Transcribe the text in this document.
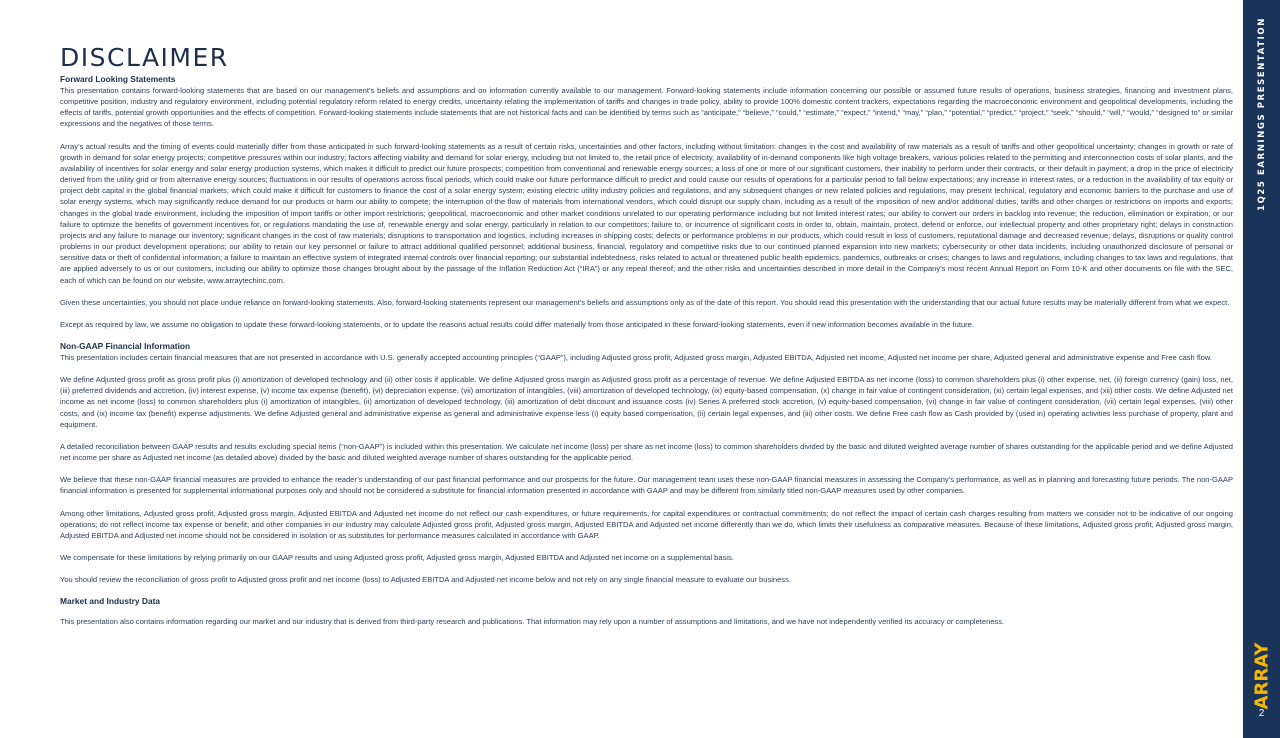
DISCLAIMER

Forward Looking Statements

This presentation contains forward-looking statements that are based on our management’s beliefs and assumptions and on information currently available to our management. Forward-looking statements include information concerning our possible or assumed future results of operations, business strategies, financing and investment plans, competitive position, industry and regulatory environment, including potential regulatory reform related to energy credits, uncertainty relating the implementation of tariffs and changes in trade policy, ability to provide 100% domestic content trackers, expectations regarding the macroeconomic environment and geopolitical developments, including the effects of tariffs, potential growth opportunities and the effects of competition. Forward-looking statements include statements that are not historical facts and can be identified by terms such as “anticipate,” “believe,” “could,” “estimate,” “expect,” “intend,” “may,” “plan,” “potential,” “predict,” “project,” “seek,” “should,” “will,” “would,” “designed to” or similar expressions and the negatives of those terms.

Array’s actual results and the timing of events could materially differ from those anticipated in such forward-looking statements as a result of certain risks, uncertainties and other factors, including without limitation: changes in the cost and availability of raw materials as a result of tariffs and other geopolitical uncertainty; changes in growth or rate of growth in demand for solar energy projects; competitive pressures within our industry; factors affecting viability and demand for solar energy, including but not limited to, the retail price of electricity, availability of in-demand components like high voltage breakers, various policies related to the permitting and interconnection costs of solar plants, and the availability of incentives for solar energy and solar energy production systems, which makes it difficult to predict our future prospects; competition from conventional and renewable energy sources; a loss of one or more of our significant customers, their inability to perform under their contracts, or their default in payment; a drop in the price of electricity derived from the utility grid or from alternative energy sources; fluctuations in our results of operations across fiscal periods, which could make our future performance difficult to predict and could cause our results of operations for a particular period to fall below expectations; any increase in interest rates, or a reduction in the availability of tax equity or project debt capital in the global financial markets, which could make it difficult for customers to finance the cost of a solar energy system; existing electric utility industry policies and regulations, and any subsequent changes or new related policies and regulations, may present technical, regulatory and economic barriers to the purchase and use of solar energy systems, which may significantly reduce demand for our products or harm our ability to compete; the interruption of the flow of materials from international vendors, which could disrupt our supply chain, including as a result of the imposition of new and/or additional duties, tariffs and other charges or restrictions on imports and exports; changes in the global trade environment, including the imposition of import tariffs or other import restrictions; geopolitical, macroeconomic and other market conditions unrelated to our operating performance including but not limited interest rates; our ability to convert our orders in backlog into revenue; the reduction, elimination or expiration, or our failure to optimize the benefits of government incentives for, or regulations mandating the use of, renewable energy and solar energy, particularly in relation to our competitors; failure to, or incurrence of significant costs in order to, obtain, maintain, protect, defend or enforce, our intellectual property and other proprietary right; delays in construction projects and any failure to manage our inventory; significant changes in the cost of raw materials; disruptions to transportation and logistics, including increases in shipping costs; defects or performance problems in our products, which could result in loss of customers, reputational damage and decreased revenue; delays, disruptions or quality control problems in our product development operations; our ability to retain our key personnel or failure to attract additional qualified personnel; additional business, financial, regulatory and competitive risks due to our continued planned expansion into new markets; cybersecurity or other data incidents, including unauthorized disclosure of personal or sensitive data or theft of confidential information; a failure to maintain an effective system of integrated internal controls over financial reporting; our substantial indebtedness, risks related to actual or threatened public health epidemics, pandemics, outbreaks or crises; changes to laws and regulations, including changes to tax laws and regulations, that are applied adversely to us or our customers, including our ability to optimize those changes brought about by the passage of the Inflation Reduction Act (“IRA”) or any repeal thereof; and the other risks and uncertainties described in more detail in the Company’s most recent Annual Report on Form 10-K and other documents on file with the SEC, each of which can be found on our website, www.arraytechinc.com.

Given these uncertainties, you should not place undue reliance on forward-looking statements. Also, forward-looking statements represent our management’s beliefs and assumptions only as of the date of this report. You should read this presentation with the understanding that our actual future results may be materially different from what we expect.

Except as required by law, we assume no obligation to update these forward-looking statements, or to update the reasons actual results could differ materially from those anticipated in these forward-looking statements, even if new information becomes available in the future.

Non-GAAP Financial Information

This presentation includes certain financial measures that are not presented in accordance with U.S. generally accepted accounting principles (“GAAP”), including Adjusted gross profit, Adjusted gross margin, Adjusted EBITDA, Adjusted net income, Adjusted net income per share, Adjusted general and administrative expense and Free cash flow.

We define Adjusted gross profit as gross profit plus (i) amortization of developed technology and (ii) other costs if applicable. We define Adjusted gross margin as Adjusted gross profit as a percentage of revenue. We define Adjusted EBITDA as net income (loss) to common shareholders plus (i) other expense, net, (ii) foreign currency (gain) loss, net, (iii) preferred dividends and accretion, (iv) interest expense, (v) income tax expense (benefit), (vi) depreciation expense, (vii) amortization of intangibles, (viii) amortization of developed technology, (ix) equity-based compensation, (x) change in fair value of contingent consideration, (xi) certain legal expenses, and (xii) other costs. We define Adjusted net income as net income (loss) to common shareholders plus (i) amortization of intangibles, (ii) amortization of developed technology, (iii) amortization of debt discount and issuance costs (iv) Series A preferred stock accretion, (v) equity-based compensation, (vi) change in fair value of contingent consideration, (vii) certain legal expenses, (viii) other costs, and (ix) income tax (benefit) expense adjustments. We define Adjusted general and administrative expense as general and administrative expense less (i) equity based compensation, (ii) certain legal expenses, and (iii) other costs. We define Free cash flow as Cash provided by (used in) operating activities less purchase of property, plant and equipment.

A detailed reconciliation between GAAP results and results excluding special items (“non-GAAP”) is included within this presentation. We calculate net income (loss) per share as net income (loss) to common shareholders divided by the basic and diluted weighted average number of shares outstanding for the applicable period and we define Adjusted net income per share as Adjusted net income (as detailed above) divided by the basic and diluted weighted average number of shares outstanding for the applicable period.

We believe that these non-GAAP financial measures are provided to enhance the reader’s understanding of our past financial performance and our prospects for the future. Our management team uses these non-GAAP financial measures in assessing the Company’s performance, as well as in planning and forecasting future periods. The non-GAAP financial information is presented for supplemental informational purposes only and should not be considered a substitute for financial information presented in accordance with GAAP and may be different from similarly titled non-GAAP measures used by other companies.

Among other limitations, Adjusted gross profit, Adjusted gross margin, Adjusted EBITDA and Adjusted net income do not reflect our cash expenditures, or future requirements, for capital expenditures or contractual commitments; do not reflect the impact of certain cash charges resulting from matters we consider not to be indicative of our ongoing operations; do not reflect income tax expense or benefit; and other companies in our industry may calculate Adjusted gross profit, Adjusted gross margin, Adjusted EBITDA and Adjusted net income differently than we do, which limits their usefulness as comparative measures. Because of these limitations, Adjusted gross profit, Adjusted gross margin, Adjusted EBITDA and Adjusted net income should not be considered in isolation or as substitutes for performance measures calculated in accordance with GAAP.

We compensate for these limitations by relying primarily on our GAAP results and using Adjusted gross profit, Adjusted gross margin, Adjusted EBITDA and Adjusted net income on a supplemental basis.

You should review the reconciliation of gross profit to Adjusted gross profit and net income (loss) to Adjusted EBITDA and Adjusted net income below and not rely on any single financial measure to evaluate our business.

Market and Industry Data

This presentation also contains information regarding our market and our industry that is derived from third-party research and publications. That information may rely upon a number of assumptions and limitations, and we have not independently verified its accuracy or completeness.

1Q25 EARNINGS PRESENTATION
ARRAY
2
